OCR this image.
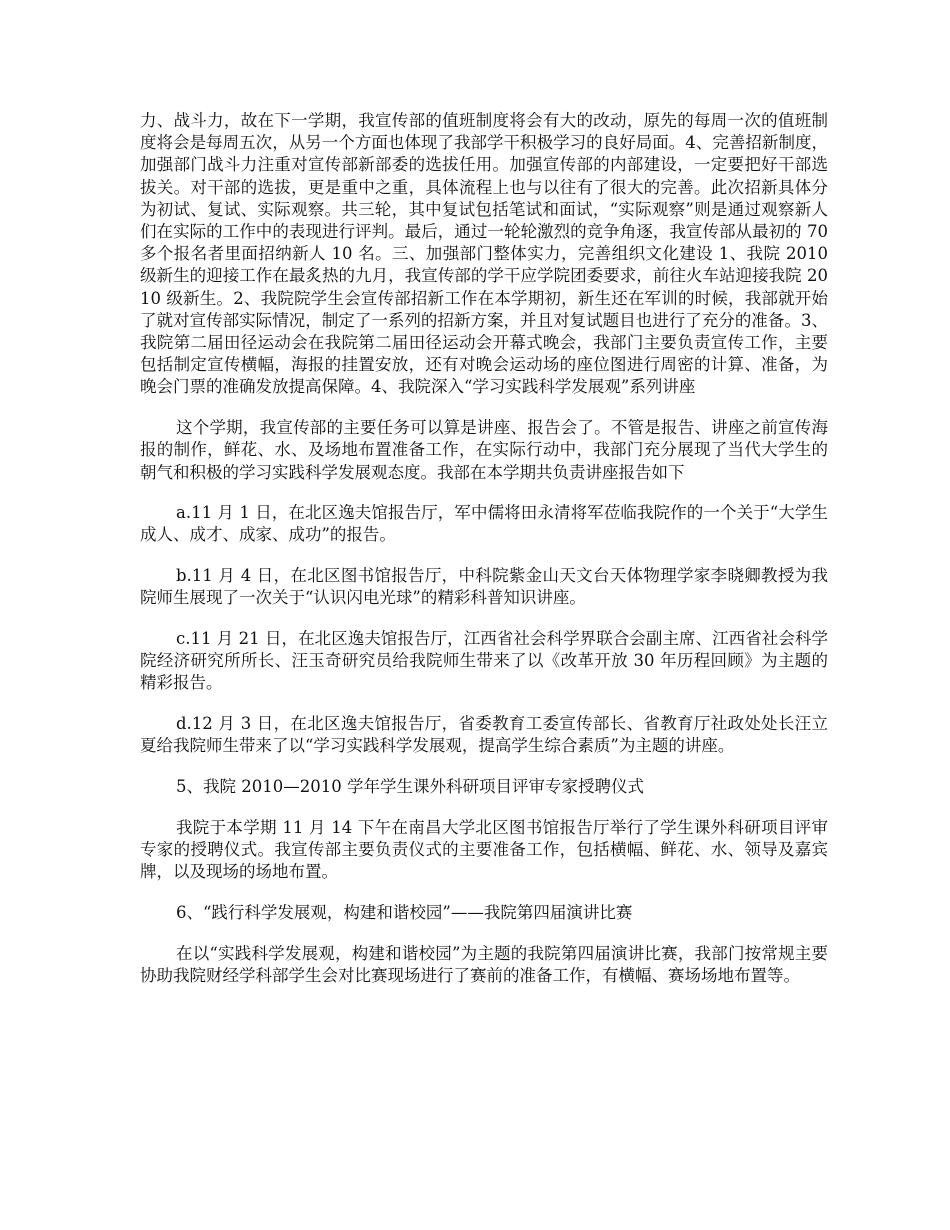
力、战斗力，故在下一学期，我宣传部的值班制度将会有大的改动，原先的每周一次的值班制度将会是每周五次，从另一个方面也体现了我部学干积极学习的良好局面。4、完善招新制度，加强部门战斗力注重对宣传部新部委的选拔任用。加强宣传部的内部建设，一定要把好干部选拔关。对干部的选拔，更是重中之重，具体流程上也与以往有了很大的完善。此次招新具体分为初试、复试、实际观察。共三轮，其中复试包括笔试和面试，“实际观察”则是通过观察新人们在实际的工作中的表现进行评判。最后，通过一轮轮激烈的竞争角逐，我宣传部从最初的 70 多个报名者里面招纳新人 10 名。三、加强部门整体实力，完善组织文化建设 1、我院 2010 级新生的迎接工作在最炙热的九月，我宣传部的学干应学院团委要求，前往火车站迎接我院 2010 级新生。2、我院院学生会宣传部招新工作在本学期初，新生还在军训的时候，我部就开始了就对宣传部实际情况，制定了一系列的招新方案，并且对复试题目也进行了充分的准备。3、我院第二届田径运动会在我院第二届田径运动会开幕式晚会，我部门主要负责宣传工作，主要包括制定宣传横幅，海报的挂置安放，还有对晚会运动场的座位图进行周密的计算、准备，为晚会门票的准确发放提高保障。4、我院深入“学习实践科学发展观”系列讲座

这个学期，我宣传部的主要任务可以算是讲座、报告会了。不管是报告、讲座之前宣传海报的制作，鲜花、水、及场地布置准备工作，在实际行动中，我部门充分展现了当代大学生的朝气和积极的学习实践科学发展观态度。我部在本学期共负责讲座报告如下

a.11 月 1 日，在北区逸夫馆报告厅，军中儒将田永清将军莅临我院作的一个关于“大学生成人、成才、成家、成功”的报告。

b.11 月 4 日，在北区图书馆报告厅，中科院紫金山天文台天体物理学家李晓卿教授为我院师生展现了一次关于“认识闪电光球”的精彩科普知识讲座。

c.11 月 21 日，在北区逸夫馆报告厅，江西省社会科学界联合会副主席、江西省社会科学院经济研究所所长、汪玉奇研究员给我院师生带来了以《改革开放 30 年历程回顾》为主题的精彩报告。

d.12 月 3 日，在北区逸夫馆报告厅，省委教育工委宣传部长、省教育厅社政处处长汪立夏给我院师生带来了以“学习实践科学发展观，提高学生综合素质”为主题的讲座。

5、我院 2010—2010 学年学生课外科研项目评审专家授聘仪式

我院于本学期 11 月 14 下午在南昌大学北区图书馆报告厅举行了学生课外科研项目评审专家的授聘仪式。我宣传部主要负责仪式的主要准备工作，包括横幅、鲜花、水、领导及嘉宾牌，以及现场的场地布置。

6、“践行科学发展观，构建和谐校园”——我院第四届演讲比赛

在以“实践科学发展观，构建和谐校园”为主题的我院第四届演讲比赛，我部门按常规主要协助我院财经学科部学生会对比赛现场进行了赛前的准备工作，有横幅、赛场场地布置等。
